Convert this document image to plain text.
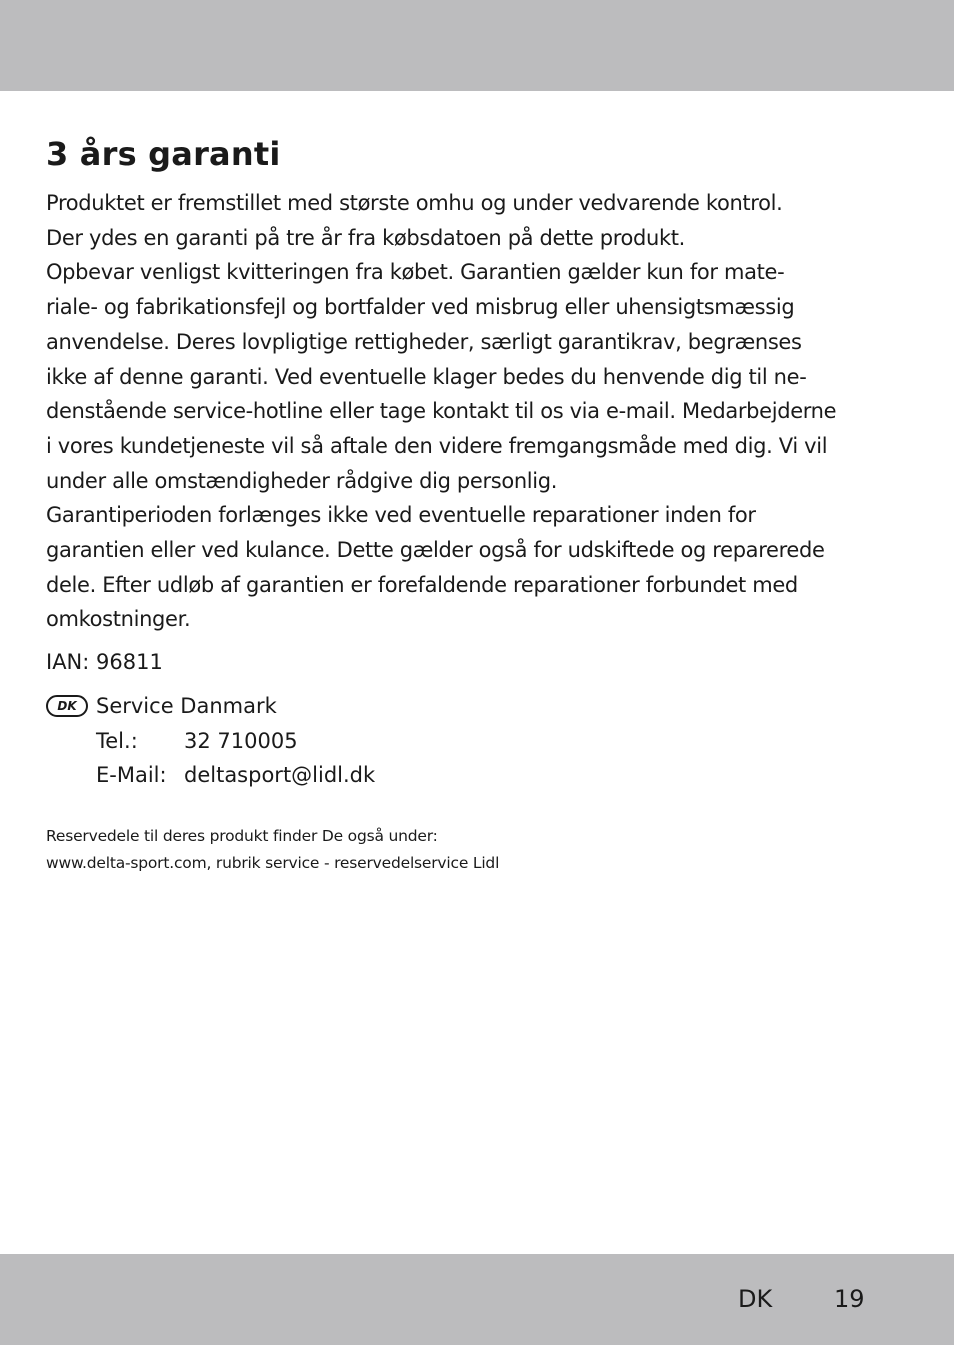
3 års garanti
Produktet er fremstillet med største omhu og under vedvarende kontrol.
Der ydes en garanti på tre år fra købsdatoen på dette produkt.
Opbevar venligst kvitteringen fra købet. Garantien gælder kun for mate-
riale- og fabrikationsfejl og bortfalder ved misbrug eller uhensigtsmæssig
anvendelse. Deres lovpligtige rettigheder, særligt garantikrav, begrænses
ikke af denne garanti. Ved eventuelle klager bedes du henvende dig til ne-
denstående service-hotline eller tage kontakt til os via e-mail. Medarbejderne
i vores kundetjeneste vil så aftale den videre fremgangsmåde med dig. Vi vil
under alle omstændigheder rådgive dig personlig.
Garantiperioden forlænges ikke ved eventuelle reparationer inden for
garantien eller ved kulance. Dette gælder også for udskiftede og reparerede
dele. Efter udløb af garantien er forefaldende reparationer forbundet med
omkostninger.
IAN: 96811
DK Service Danmark
Tel.:	32 710005
E-Mail: deltasport@lidl.dk
Reservedele til deres produkt finder De også under:
www.delta-sport.com, rubrik service - reservedelservice Lidl
DK	19
